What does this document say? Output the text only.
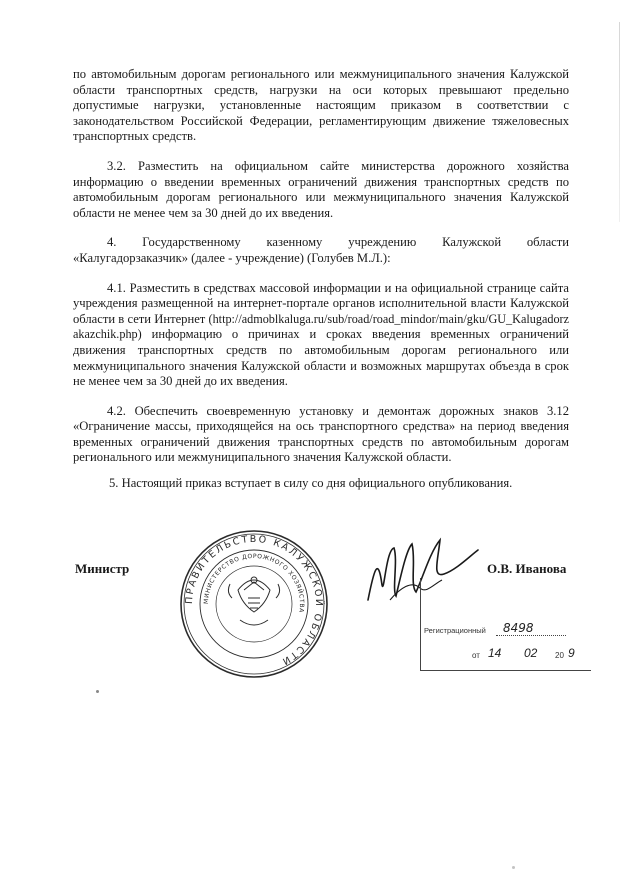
по автомобильным дорогам регионального или межмуниципального значения Калужской области транспортных средств, нагрузки на оси которых превышают предельно допустимые нагрузки, установленные настоящим приказом в соответствии с законодательством Российской Федерации, регламентирующим движение тяжеловесных транспортных средств.

3.2. Разместить на официальном сайте министерства дорожного хозяйства информацию о введении временных ограничений движения транспортных средств по автомобильным дорогам регионального или межмуниципального значения Калужской области не менее чем за 30 дней до их введения.

4. Государственному казенному учреждению Калужской области «Калугадорзаказчик» (далее - учреждение) (Голубев М.Л.):

4.1. Разместить в средствах массовой информации и на официальной странице сайта учреждения размещенной на интернет-портале органов исполнительной власти Калужской области в сети Интернет (http://admoblkaluga.ru/sub/road/road_mindor/main/gku/GU_Kalugadorzakazchik.php) информацию о причинах и сроках введения временных ограничений движения транспортных средств по автомобильным дорогам регионального или межмуниципального значения Калужской области и возможных маршрутах объезда в срок не менее чем за 30 дней до их введения.

4.2. Обеспечить своевременную установку и демонтаж дорожных знаков 3.12 «Ограничение массы, приходящейся на ось транспортного средства» на период введения временных ограничений движения транспортных средств по автомобильным дорогам регионального или межмуниципального значения Калужской области.

5. Настоящий приказ вступает в силу со дня официального опубликования.

Министр
ПРАВИТЕЛЬСТВО КАЛУЖСКОЙ ОБЛАСТИ
МИНИСТЕРСТВО ДОРОЖНОГО ХОЗЯЙСТВА
О.В. Иванова
Регистрационный 8498
от 14 02 20 9
